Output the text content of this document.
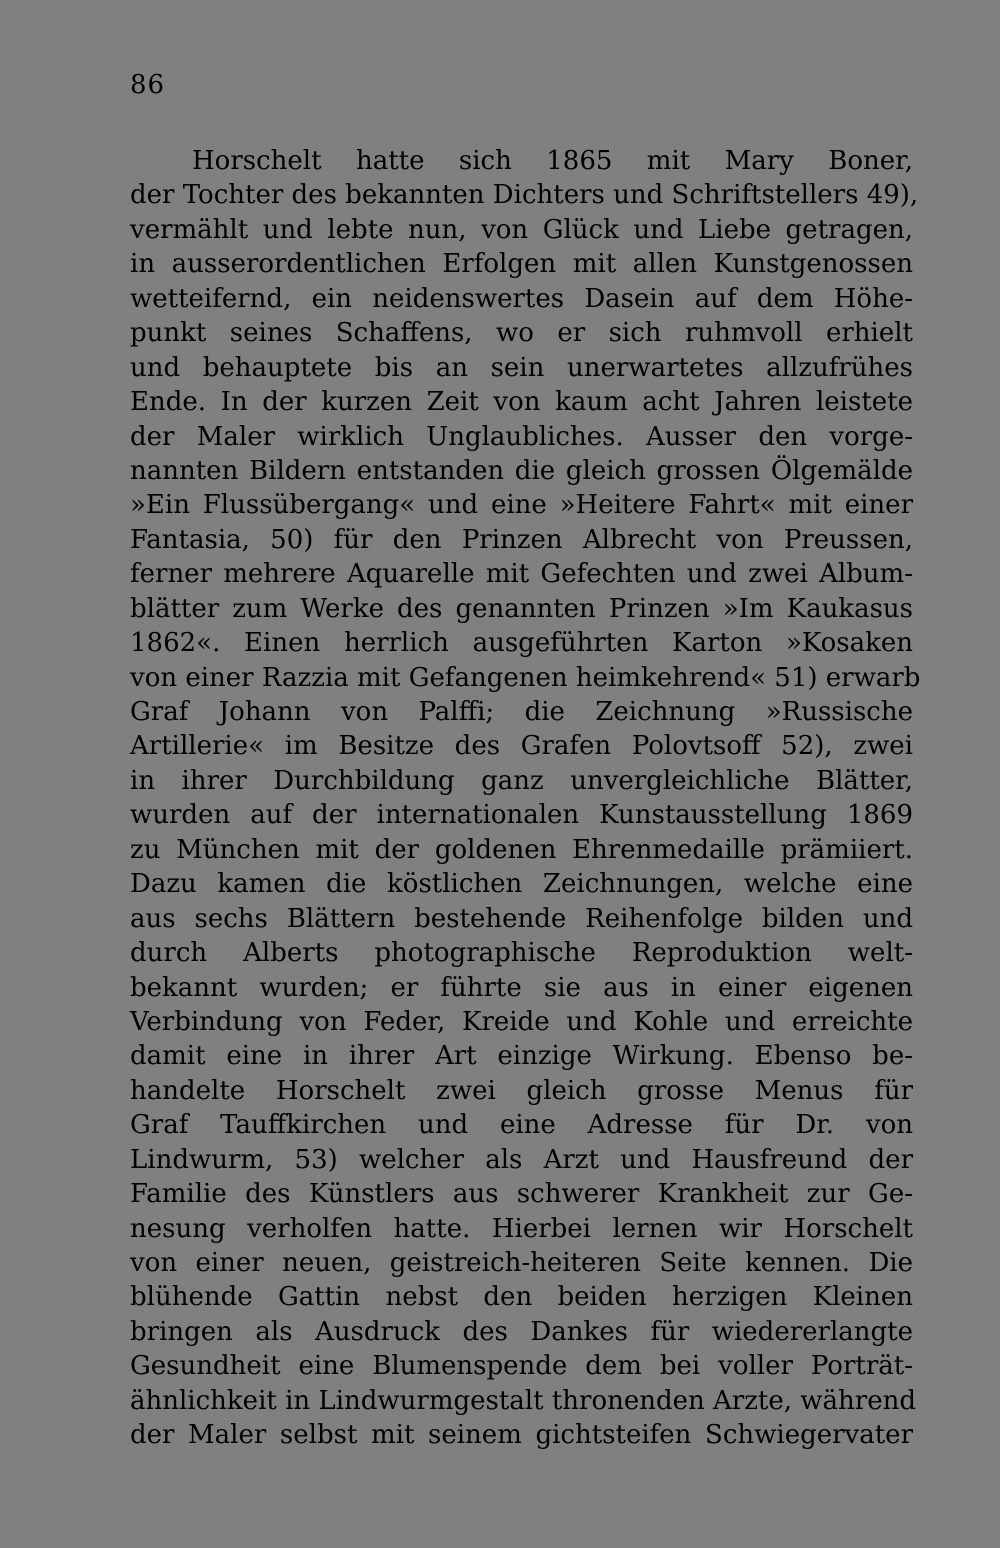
86
Horschelt hatte sich 1865 mit Mary Boner,
der Tochter des bekannten Dichters und Schriftstellers 49),
vermählt und lebte nun, von Glück und Liebe getragen,
in ausserordentlichen Erfolgen mit allen Kunstgenossen
wetteifernd, ein neidenswertes Dasein auf dem Höhe-
punkt seines Schaffens, wo er sich ruhmvoll erhielt
und behauptete bis an sein unerwartetes allzufrühes
Ende. In der kurzen Zeit von kaum acht Jahren leistete
der Maler wirklich Unglaubliches. Ausser den vorge-
nannten Bildern entstanden die gleich grossen Ölgemälde
»Ein Flussübergang« und eine »Heitere Fahrt« mit einer
Fantasia, 50) für den Prinzen Albrecht von Preussen,
ferner mehrere Aquarelle mit Gefechten und zwei Album-
blätter zum Werke des genannten Prinzen »Im Kaukasus
1862«. Einen herrlich ausgeführten Karton »Kosaken
von einer Razzia mit Gefangenen heimkehrend« 51) erwarb
Graf Johann von Palffi; die Zeichnung »Russische
Artillerie« im Besitze des Grafen Polovtsoff 52), zwei
in ihrer Durchbildung ganz unvergleichliche Blätter,
wurden auf der internationalen Kunstausstellung 1869
zu München mit der goldenen Ehrenmedaille prämiiert.
Dazu kamen die köstlichen Zeichnungen, welche eine
aus sechs Blättern bestehende Reihenfolge bilden und
durch Alberts photographische Reproduktion welt-
bekannt wurden; er führte sie aus in einer eigenen
Verbindung von Feder, Kreide und Kohle und erreichte
damit eine in ihrer Art einzige Wirkung. Ebenso be-
handelte Horschelt zwei gleich grosse Menus für
Graf Tauffkirchen und eine Adresse für Dr. von
Lindwurm, 53) welcher als Arzt und Hausfreund der
Familie des Künstlers aus schwerer Krankheit zur Ge-
nesung verholfen hatte. Hierbei lernen wir Horschelt
von einer neuen, geistreich-heiteren Seite kennen. Die
blühende Gattin nebst den beiden herzigen Kleinen
bringen als Ausdruck des Dankes für wiedererlangte
Gesundheit eine Blumenspende dem bei voller Porträt-
ähnlichkeit in Lindwurmgestalt thronenden Arzte, während
der Maler selbst mit seinem gichtsteifen Schwiegervater
